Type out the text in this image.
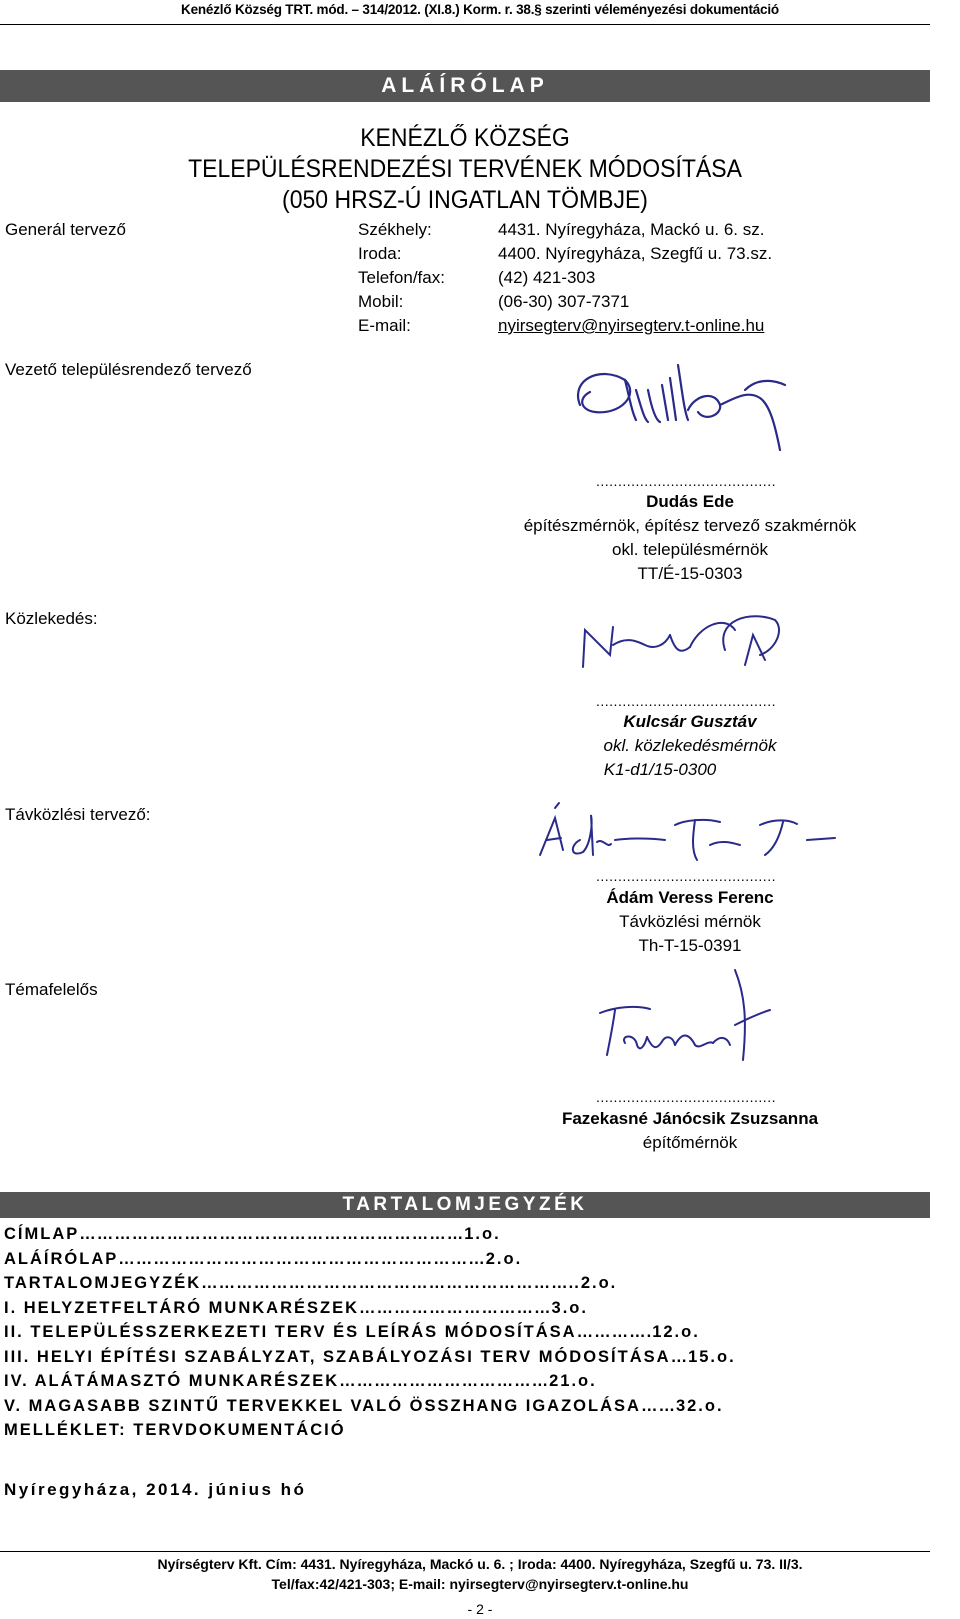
Kenézlő Község TRT. mód. – 314/2012. (XI.8.) Korm. r. 38.§ szerinti véleményezési dokumentáció
ALÁÍRÓLAP
KENÉZLŐ KÖZSÉG
TELEPÜLÉSRENDEZÉSI TERVÉNEK MÓDOSÍTÁSA
(050 HRSZ-Ú INGATLAN TÖMBJE)
Generál tervező	Székhely:	4431. Nyíregyháza, Mackó u. 6. sz.
Iroda:	4400. Nyíregyháza, Szegfű u. 73.sz.
Telefon/fax:	(42) 421-303
Mobil:	(06-30) 307-7371
E-mail:	nyirsegterv@nyirsegterv.t-online.hu
Vezető településrendező tervező
.........................................
Dudás Ede
építészmérnök, építész tervező szakmérnök
okl. településmérnök
TT/É-15-0303
Közlekedés:
.........................................
Kulcsár Gusztáv
okl. közlekedésmérnök
K1-d1/15-0300
Távközlési tervező:
.........................................
Ádám Veress Ferenc
Távközlési mérnök
Th-T-15-0391
Témafelelős
.........................................
Fazekasné Jánócsik Zsuzsanna
építőmérnök
TARTALOMJEGYZÉK
CÍMLAP…………………………………………………………1.o.
ALÁÍRÓLAP………………………………………………………2.o.
TARTALOMJEGYZÉK………………………………………………………..2.o.
I. HELYZETFELTÁRÓ MUNKARÉSZEK……………………………3.o.
II. TELEPÜLÉSSZERKEZETI TERV ÉS LEÍRÁS MÓDOSÍTÁSA………….12.o.
III. HELYI ÉPÍTÉSI SZABÁLYZAT, SZABÁLYOZÁSI TERV MÓDOSÍTÁSA…15.o.
IV. ALÁTÁMASZTÓ MUNKARÉSZEK………………………………21.o.
V. MAGASABB SZINTŰ TERVEKKEL VALÓ ÖSSZHANG IGAZOLÁSA……32.o.
MELLÉKLET: TERVDOKUMENTÁCIÓ
Nyíregyháza, 2014. június hó
Nyírségterv Kft. Cím: 4431. Nyíregyháza, Mackó u. 6. ; Iroda: 4400. Nyíregyháza, Szegfű u. 73. II/3.
Tel/fax:42/421-303; E-mail: nyirsegterv@nyirsegterv.t-online.hu
- 2 -
